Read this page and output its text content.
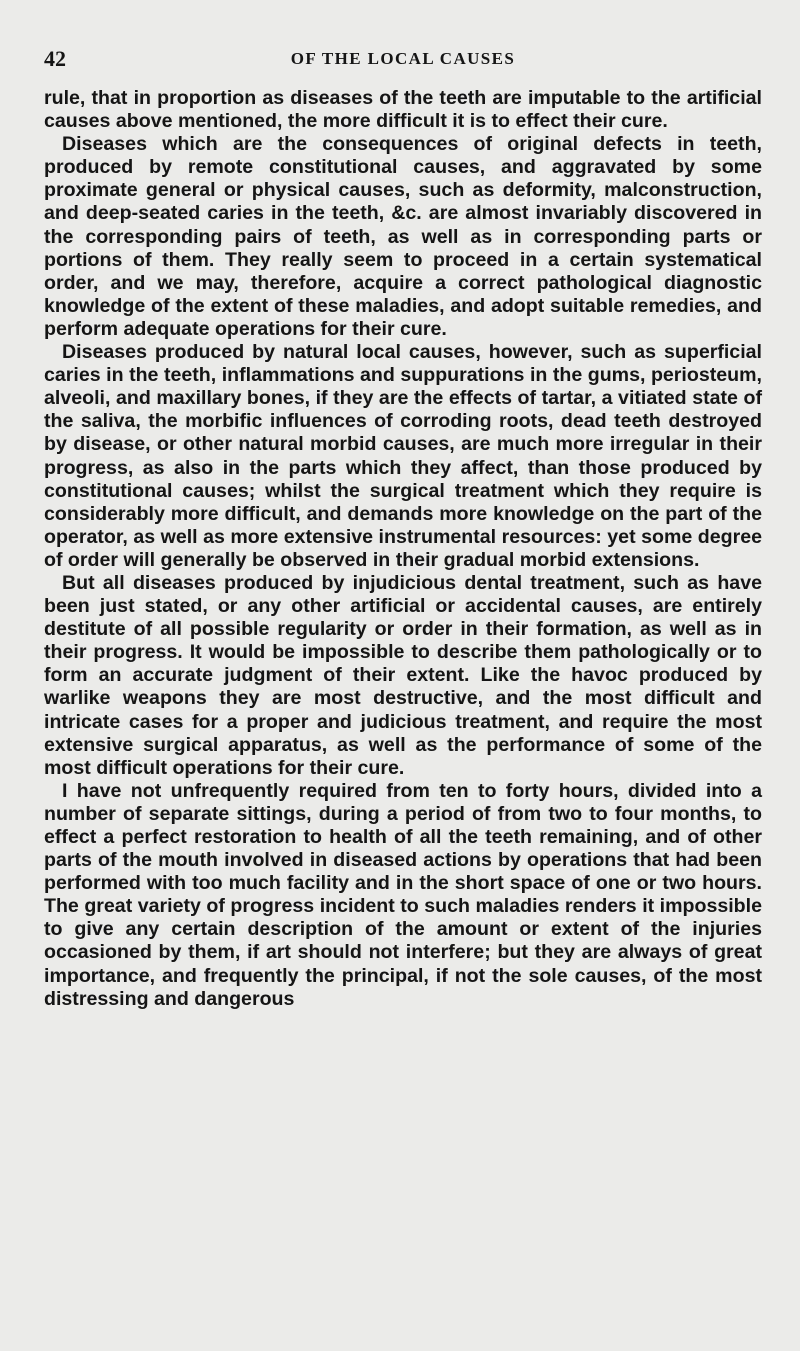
42	OF THE LOCAL CAUSES

rule, that in proportion as diseases of the teeth are imputable to the artificial causes above mentioned, the more difficult it is to effect their cure.

Diseases which are the consequences of original defects in teeth, produced by remote constitutional causes, and aggravated by some proximate general or physical causes, such as deformity, malconstruction, and deep-seated caries in the teeth, &c. are almost invariably discovered in the corresponding pairs of teeth, as well as in corresponding parts or portions of them. They really seem to proceed in a certain systematical order, and we may, therefore, acquire a correct pathological diagnostic knowledge of the extent of these maladies, and adopt suitable remedies, and perform adequate operations for their cure.

Diseases produced by natural local causes, however, such as superficial caries in the teeth, inflammations and suppurations in the gums, periosteum, alveoli, and maxillary bones, if they are the effects of tartar, a vitiated state of the saliva, the morbific influences of corroding roots, dead teeth destroyed by disease, or other natural morbid causes, are much more irregular in their progress, as also in the parts which they affect, than those produced by constitutional causes; whilst the surgical treatment which they require is considerably more difficult, and demands more knowledge on the part of the operator, as well as more extensive instrumental resources: yet some degree of order will generally be observed in their gradual morbid extensions.

But all diseases produced by injudicious dental treatment, such as have been just stated, or any other artificial or accidental causes, are entirely destitute of all possible regularity or order in their formation, as well as in their progress. It would be impossible to describe them pathologically or to form an accurate judgment of their extent. Like the havoc produced by warlike weapons they are most destructive, and the most difficult and intricate cases for a proper and judicious treatment, and require the most extensive surgical apparatus, as well as the performance of some of the most difficult operations for their cure.

I have not unfrequently required from ten to forty hours, divided into a number of separate sittings, during a period of from two to four months, to effect a perfect restoration to health of all the teeth remaining, and of other parts of the mouth involved in diseased actions by operations that had been performed with too much facility and in the short space of one or two hours. The great variety of progress incident to such maladies renders it impossible to give any certain description of the amount or extent of the injuries occasioned by them, if art should not interfere; but they are always of great importance, and frequently the principal, if not the sole causes, of the most distressing and dangerous
